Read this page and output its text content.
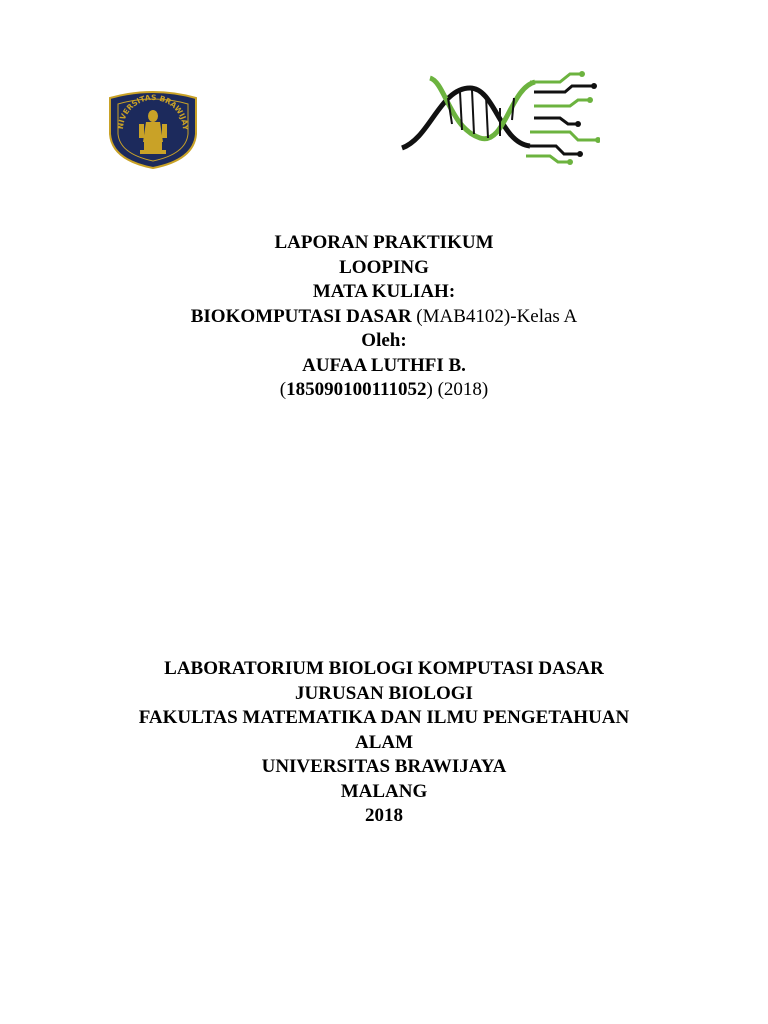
NIVERSITAS BRAWIJAY
LAPORAN PRAKTIKUM
LOOPING
MATA KULIAH:
BIOKOMPUTASI DASAR (MAB4102)-Kelas A
Oleh:
AUFAA LUTHFI B.
(185090100111052) (2018)
LABORATORIUM BIOLOGI KOMPUTASI DASAR
JURUSAN BIOLOGI
FAKULTAS MATEMATIKA DAN ILMU PENGETAHUAN
ALAM
UNIVERSITAS BRAWIJAYA
MALANG
2018
